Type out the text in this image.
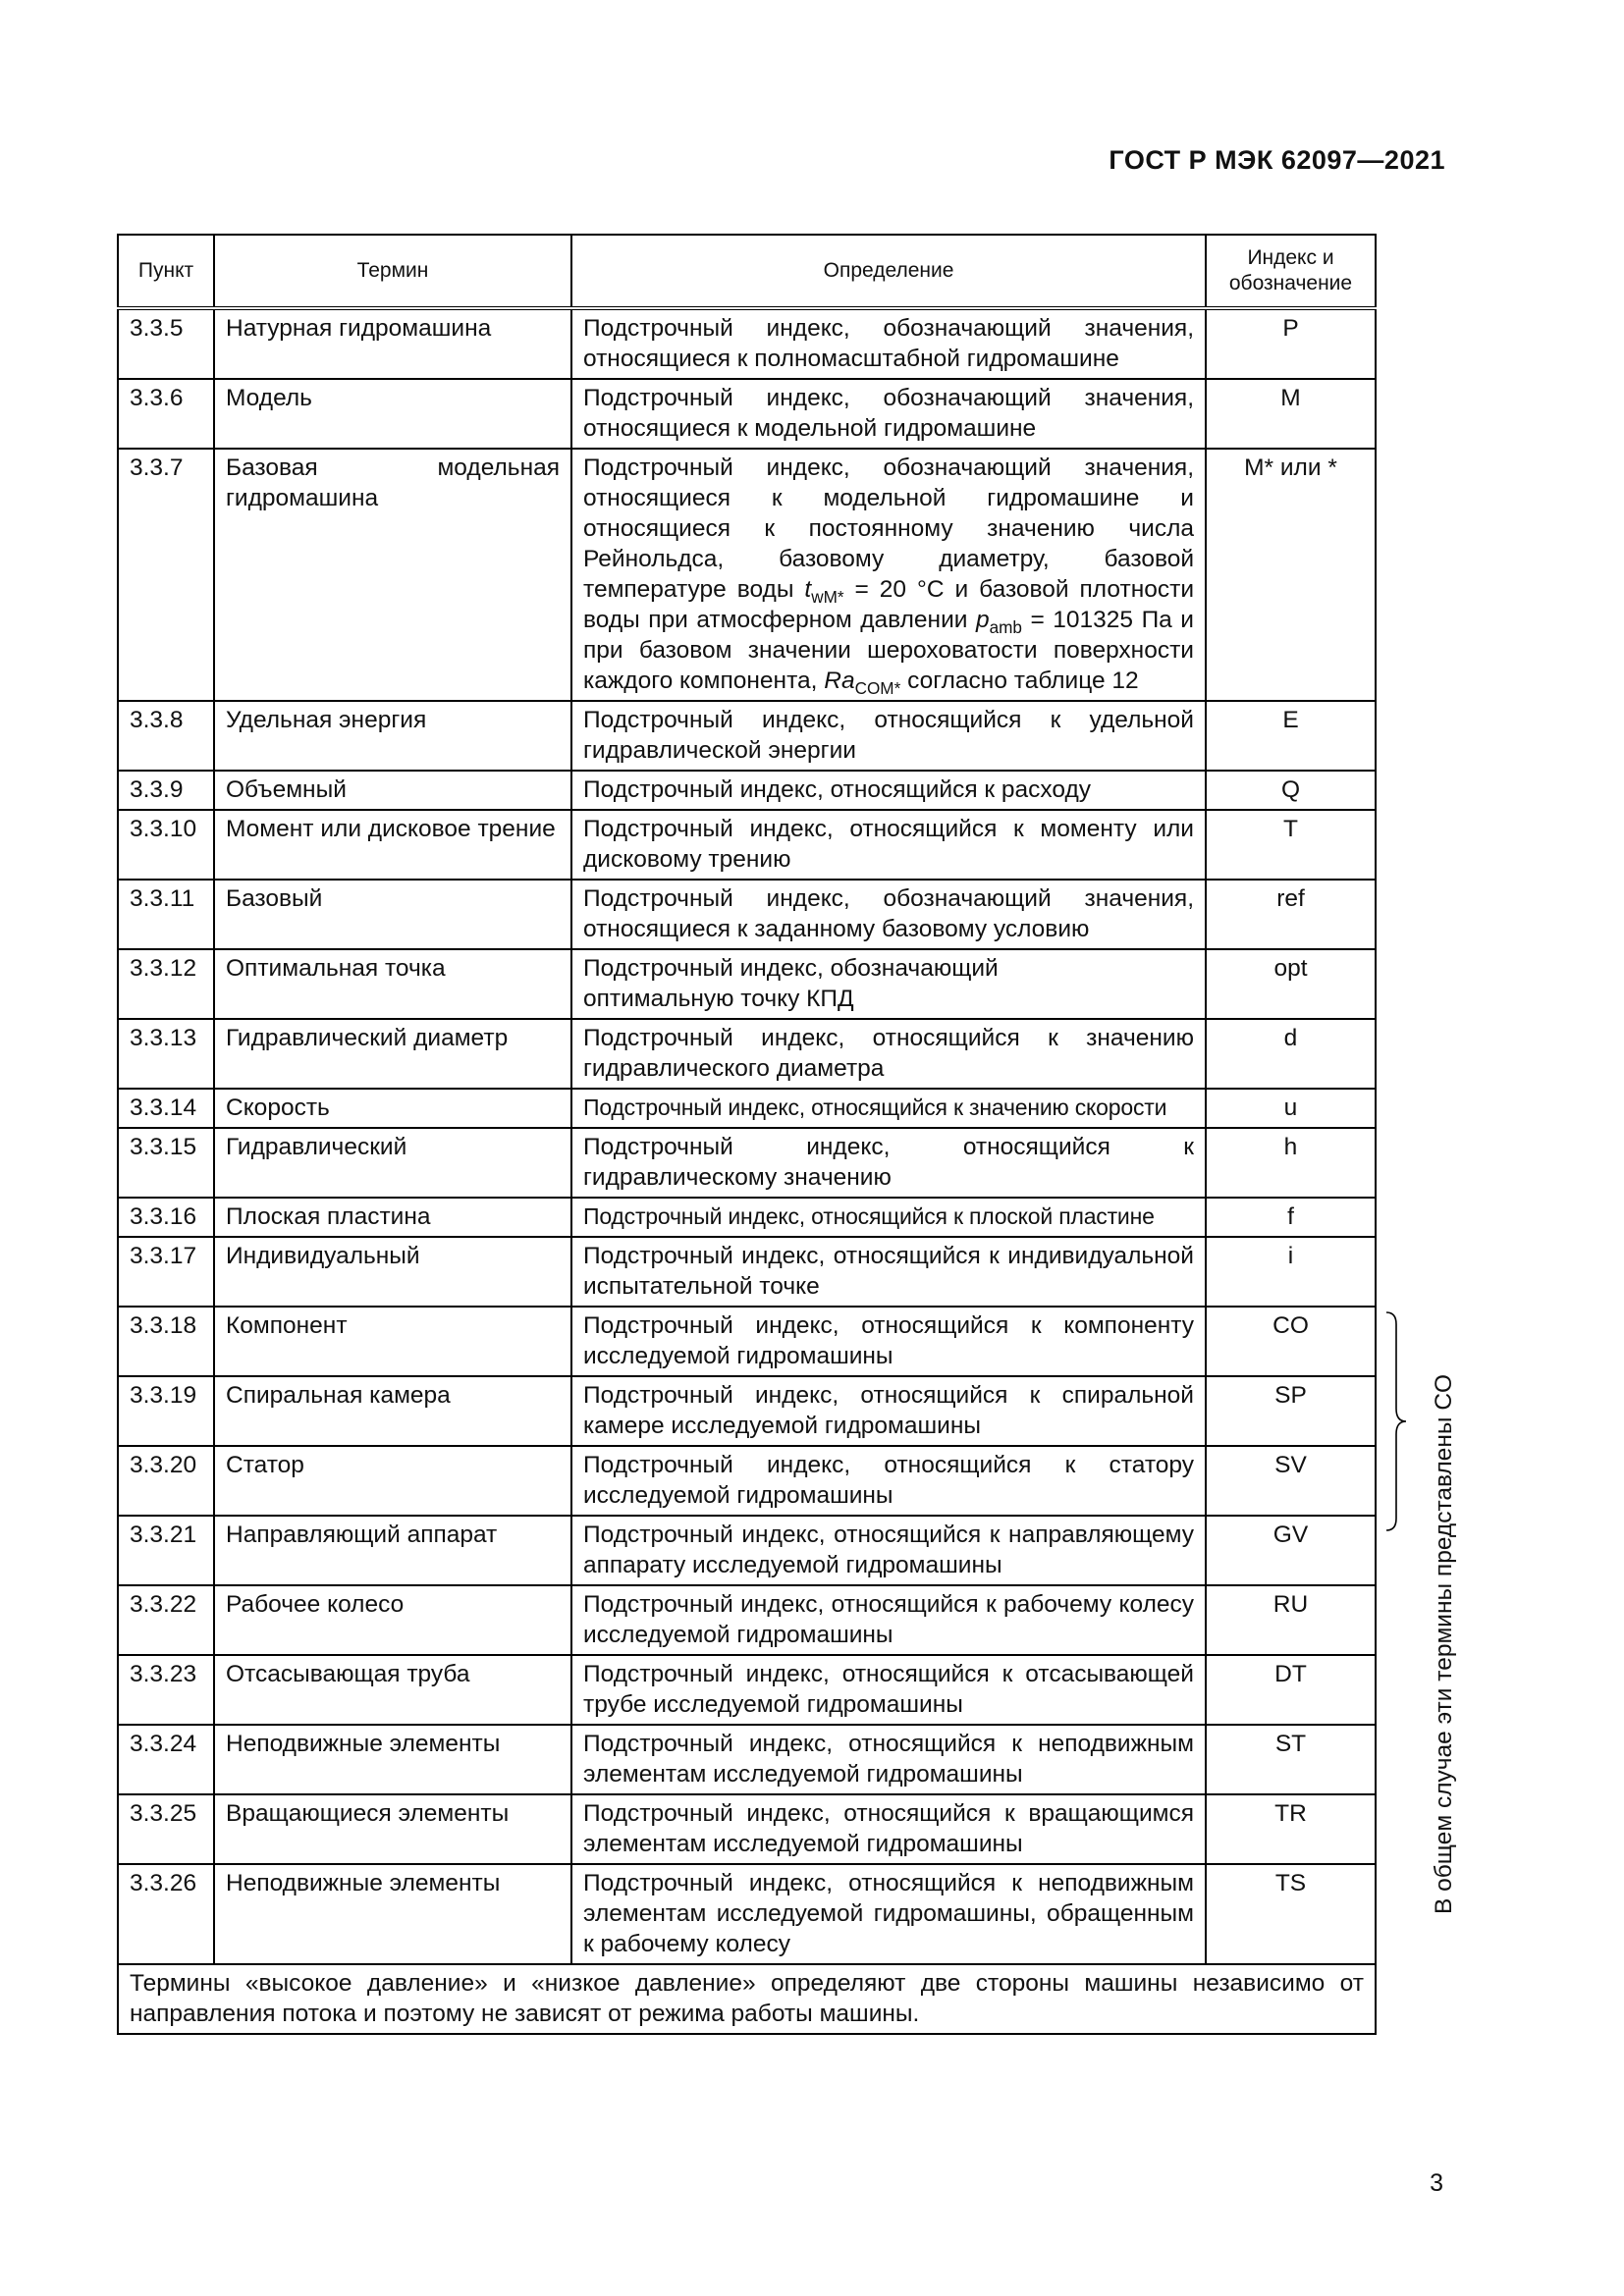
ГОСТ Р МЭК 62097—2021
Пункт	Термин	Определение	Индекс и обозначение
3.3.5	Натурная гидромашина	Подстрочный индекс, обозначающий значения, относящиеся к полномасштабной гидромашине	P
3.3.6	Модель	Подстрочный индекс, обозначающий значения, относящиеся к модельной гидромашине	M
3.3.7	Базовая модельная гидромашина	Подстрочный индекс, обозначающий значения, относящиеся к модельной гидромашине и относящиеся к постоянному значению числа Рейнольдса, базовому диаметру, базовой температуре воды $t_{wM*} = 20$ °C и базовой плотности воды при атмосферном давлении $p_{amb} = 101325$ Па и при базовом значении шероховатости поверхности каждого компонента, $Ra_{COM*}$ согласно таблице 12	M* или *
3.3.8	Удельная энергия	Подстрочный индекс, относящийся к удельной гидравлической энергии	E
3.3.9	Объемный	Подстрочный индекс, относящийся к расходу	Q
3.3.10	Момент или дисковое трение	Подстрочный индекс, относящийся к моменту или дисковому трению	T
3.3.11	Базовый	Подстрочный индекс, обозначающий значения, относящиеся к заданному базовому условию	ref
3.3.12	Оптимальная точка	Подстрочный индекс, обозначающий оптимальную точку КПД	opt
3.3.13	Гидравлический диаметр	Подстрочный индекс, относящийся к значению гидравлического диаметра	d
3.3.14	Скорость	Подстрочный индекс, относящийся к значению скорости	u
3.3.15	Гидравлический	Подстрочный индекс, относящийся к гидравлическому значению	h
3.3.16	Плоская пластина	Подстрочный индекс, относящийся к плоской пластине	f
3.3.17	Индивидуальный	Подстрочный индекс, относящийся к индивидуальной испытательной точке	i
3.3.18	Компонент	Подстрочный индекс, относящийся к компоненту исследуемой гидромашины	CO
3.3.19	Спиральная камера	Подстрочный индекс, относящийся к спиральной камере исследуемой гидромашины	SP
3.3.20	Статор	Подстрочный индекс, относящийся к статору исследуемой гидромашины	SV
3.3.21	Направляющий аппарат	Подстрочный индекс, относящийся к направляющему аппарату исследуемой гидромашины	GV
3.3.22	Рабочее колесо	Подстрочный индекс, относящийся к рабочему колесу исследуемой гидромашины	RU
3.3.23	Отсасывающая труба	Подстрочный индекс, относящийся к отсасывающей трубе исследуемой гидромашины	DT
3.3.24	Неподвижные элементы	Подстрочный индекс, относящийся к неподвижным элементам исследуемой гидромашины	ST
3.3.25	Вращающиеся элементы	Подстрочный индекс, относящийся к вращающимся элементам исследуемой гидромашины	TR
3.3.26	Неподвижные элементы	Подстрочный индекс, относящийся к неподвижным элементам исследуемой гидромашины, обращенным к рабочему колесу	TS
Термины «высокое давление» и «низкое давление» определяют две стороны машины независимо от направления потока и поэтому не зависят от режима работы машины.			
В общем случае эти термины представлены CO
3
